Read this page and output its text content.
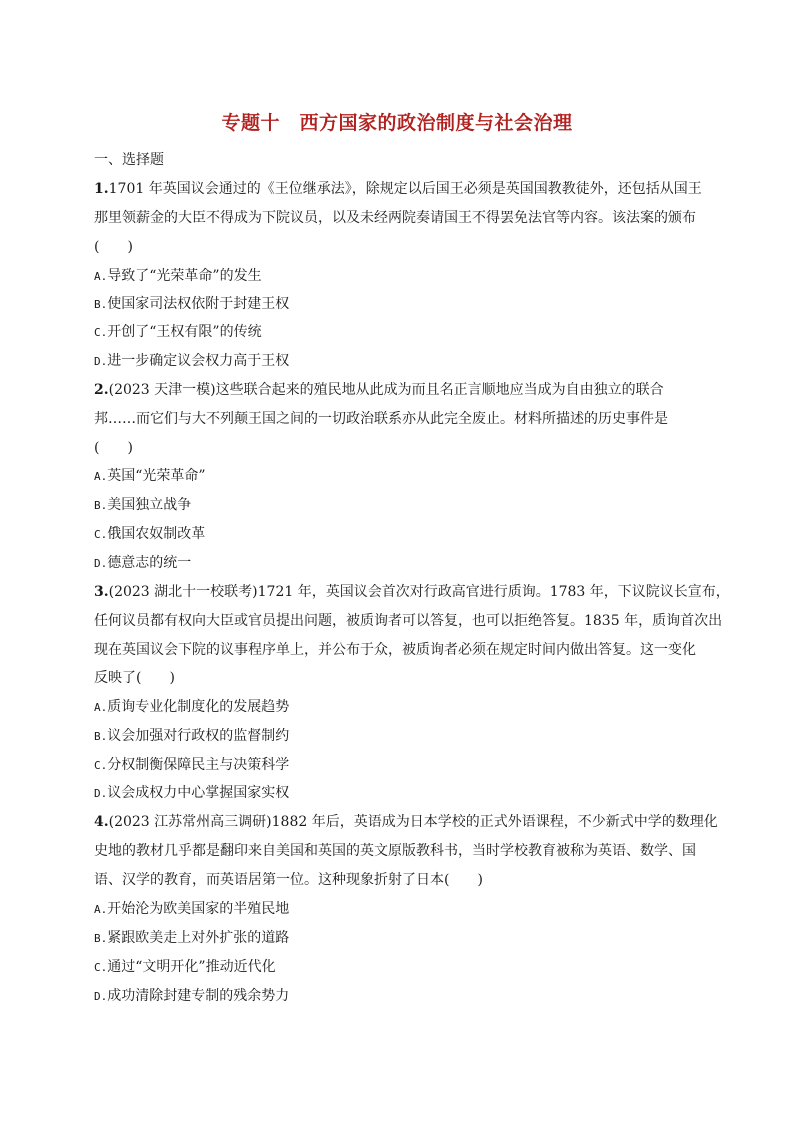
专题十　西方国家的政治制度与社会治理
一、选择题
1.1701 年英国议会通过的《王位继承法》，除规定以后国王必须是英国国教教徒外，还包括从国王
那里领薪金的大臣不得成为下院议员，以及未经两院奏请国王不得罢免法官等内容。该法案的颁布
(　　)
A.导致了“光荣革命”的发生
B.使国家司法权依附于封建王权
C.开创了“王权有限”的传统
D.进一步确定议会权力高于王权
2.(2023 天津一模)这些联合起来的殖民地从此成为而且名正言顺地应当成为自由独立的联合
邦……而它们与大不列颠王国之间的一切政治联系亦从此完全废止。材料所描述的历史事件是
(　　)
A.英国“光荣革命”
B.美国独立战争
C.俄国农奴制改革
D.德意志的统一
3.(2023 湖北十一校联考)1721 年，英国议会首次对行政高官进行质询。1783 年，下议院议长宣布，
任何议员都有权向大臣或官员提出问题，被质询者可以答复，也可以拒绝答复。1835 年，质询首次出
现在英国议会下院的议事程序单上，并公布于众，被质询者必须在规定时间内做出答复。这一变化
反映了(　　)
A.质询专业化制度化的发展趋势
B.议会加强对行政权的监督制约
C.分权制衡保障民主与决策科学
D.议会成权力中心掌握国家实权
4.(2023 江苏常州高三调研)1882 年后，英语成为日本学校的正式外语课程，不少新式中学的数理化
史地的教材几乎都是翻印来自美国和英国的英文原版教科书，当时学校教育被称为英语、数学、国
语、汉学的教育，而英语居第一位。这种现象折射了日本(　　)
A.开始沦为欧美国家的半殖民地
B.紧跟欧美走上对外扩张的道路
C.通过“文明开化”推动近代化
D.成功清除封建专制的残余势力
